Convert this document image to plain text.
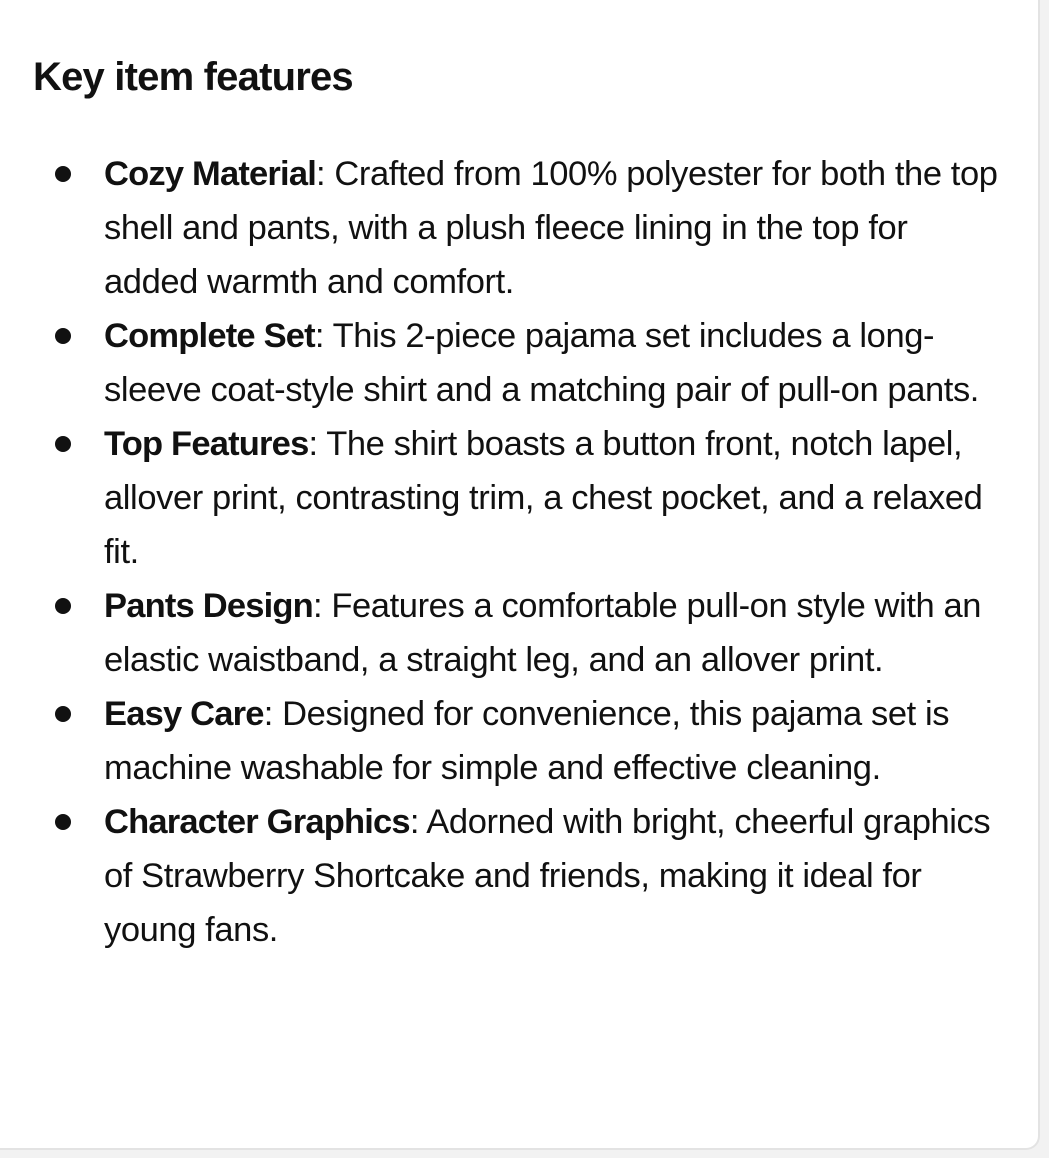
Key item features
Cozy Material: Crafted from 100% polyester for both the top shell and pants, with a plush fleece lining in the top for added warmth and comfort.
Complete Set: This 2-piece pajama set includes a long-sleeve coat-style shirt and a matching pair of pull-on pants.
Top Features: The shirt boasts a button front, notch lapel, allover print, contrasting trim, a chest pocket, and a relaxed fit.
Pants Design: Features a comfortable pull-on style with an elastic waistband, a straight leg, and an allover print.
Easy Care: Designed for convenience, this pajama set is machine washable for simple and effective cleaning.
Character Graphics: Adorned with bright, cheerful graphics of Strawberry Shortcake and friends, making it ideal for young fans.
